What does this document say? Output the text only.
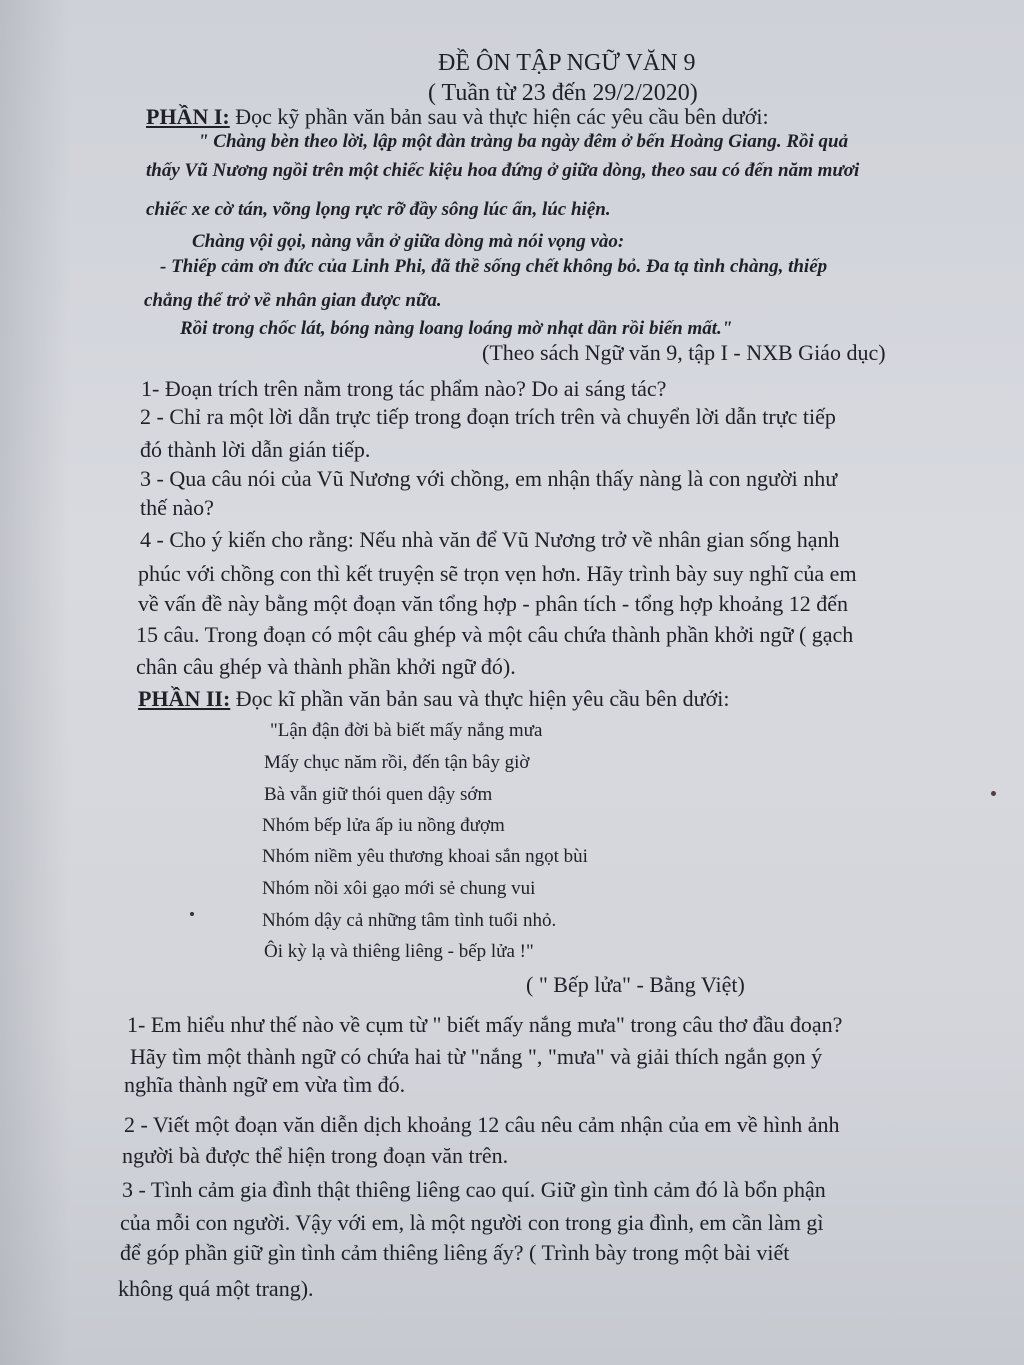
ĐỀ ÔN TẬP NGỮ VĂN 9
( Tuần từ 23 đến 29/2/2020)
PHẦN I: Đọc kỹ phần văn bản sau và thực hiện các yêu cầu bên dưới:
" Chàng bèn theo lời, lập một đàn tràng ba ngày đêm ở bến Hoàng Giang. Rồi quả
thấy Vũ Nương ngồi trên một chiếc kiệu hoa đứng ở giữa dòng, theo sau có đến năm mươi
chiếc xe cờ tán, võng lọng rực rỡ đầy sông lúc ẩn, lúc hiện.
Chàng vội gọi, nàng vẫn ở giữa dòng mà nói vọng vào:
- Thiếp cảm ơn đức của Linh Phi, đã thề sống chết không bỏ. Đa tạ tình chàng, thiếp
chẳng thể trở về nhân gian được nữa.
Rồi trong chốc lát, bóng nàng loang loáng mờ nhạt dần rồi biến mất."
(Theo sách Ngữ văn 9, tập I - NXB Giáo dục)
1- Đoạn trích trên nằm trong tác phẩm nào? Do ai sáng tác?
2 - Chỉ ra một lời dẫn trực tiếp trong đoạn trích trên và chuyển lời dẫn trực tiếp
đó thành lời dẫn gián tiếp.
3 - Qua câu nói của Vũ Nương với chồng, em nhận thấy nàng là con người như
thế nào?
4 - Cho ý kiến cho rằng: Nếu nhà văn để Vũ Nương trở về nhân gian sống hạnh
phúc với chồng con thì kết truyện sẽ trọn vẹn hơn. Hãy trình bày suy nghĩ của em
về vấn đề này bằng một đoạn văn tổng hợp - phân tích - tổng hợp khoảng 12 đến
15 câu. Trong đoạn có một câu ghép và một câu chứa thành phần khởi ngữ ( gạch
chân câu ghép và thành phần khởi ngữ đó).
PHẦN II: Đọc kĩ phần văn bản sau và thực hiện yêu cầu bên dưới:
"Lận đận đời bà biết mấy nắng mưa
Mấy chục năm rồi, đến tận bây giờ
Bà vẫn giữ thói quen dậy sớm
Nhóm bếp lửa ấp iu nồng đượm
Nhóm niềm yêu thương khoai sắn ngọt bùi
Nhóm nồi xôi gạo mới sẻ chung vui
Nhóm dậy cả những tâm tình tuổi nhỏ.
Ôi kỳ lạ và thiêng liêng - bếp lửa !"
( " Bếp lửa" - Bằng Việt)
1- Em hiểu như thế nào về cụm từ " biết mấy nắng mưa" trong câu thơ đầu đoạn?
Hãy tìm một thành ngữ có chứa hai từ "nắng ", "mưa" và giải thích ngắn gọn ý
nghĩa thành ngữ em vừa tìm đó.
2 - Viết một đoạn văn diễn dịch khoảng 12 câu nêu cảm nhận của em về hình ảnh
người bà được thể hiện trong đoạn văn trên.
3 - Tình cảm gia đình thật thiêng liêng cao quí. Giữ gìn tình cảm đó là bổn phận
của mỗi con người. Vậy với em, là một người con trong gia đình, em cần làm gì
để góp phần giữ gìn tình cảm thiêng liêng ấy? ( Trình bày trong một bài viết
không quá một trang).
